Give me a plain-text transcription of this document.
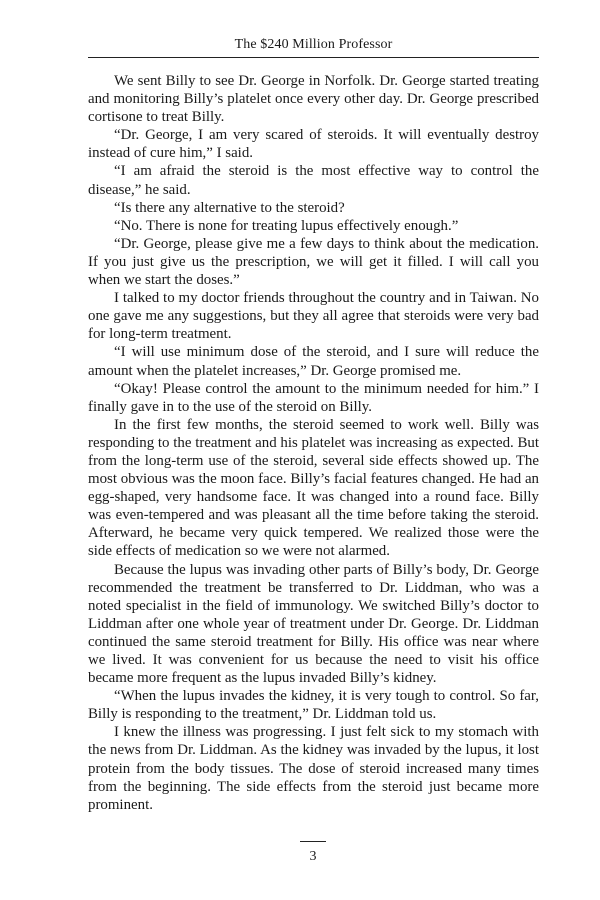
The $240 Million Professor

We sent Billy to see Dr. George in Norfolk. Dr. George started treating and monitoring Billy’s platelet once every other day. Dr. George prescribed cortisone to treat Billy.

“Dr. George, I am very scared of steroids. It will eventually destroy instead of cure him,” I said.

“I am afraid the steroid is the most effective way to control the disease,” he said.

“Is there any alternative to the steroid?

“No. There is none for treating lupus effectively enough.”

“Dr. George, please give me a few days to think about the medication. If you just give us the prescription, we will get it filled. I will call you when we start the doses.”

I talked to my doctor friends throughout the country and in Taiwan. No one gave me any suggestions, but they all agree that steroids were very bad for long-term treatment.

“I will use minimum dose of the steroid, and I sure will reduce the amount when the platelet increases,” Dr. George promised me.

“Okay! Please control the amount to the minimum needed for him.” I finally gave in to the use of the steroid on Billy.

In the first few months, the steroid seemed to work well. Billy was responding to the treatment and his platelet was increasing as expected. But from the long-term use of the steroid, several side effects showed up. The most obvious was the moon face. Billy’s facial features changed. He had an egg-shaped, very handsome face. It was changed into a round face. Billy was even-tempered and was pleasant all the time before taking the steroid. Afterward, he became very quick tempered. We realized those were the side effects of medication so we were not alarmed.

Because the lupus was invading other parts of Billy’s body, Dr. George recommended the treatment be transferred to Dr. Liddman, who was a noted specialist in the field of immunology. We switched Billy’s doctor to Liddman after one whole year of treatment under Dr. George. Dr. Liddman continued the same steroid treatment for Billy. His office was near where we lived. It was convenient for us because the need to visit his office became more frequent as the lupus invaded Billy’s kidney.

“When the lupus invades the kidney, it is very tough to control. So far, Billy is responding to the treatment,” Dr. Liddman told us.

I knew the illness was progressing. I just felt sick to my stomach with the news from Dr. Liddman. As the kidney was invaded by the lupus, it lost protein from the body tissues. The dose of steroid increased many times from the beginning. The side effects from the steroid just became more prominent.

3
